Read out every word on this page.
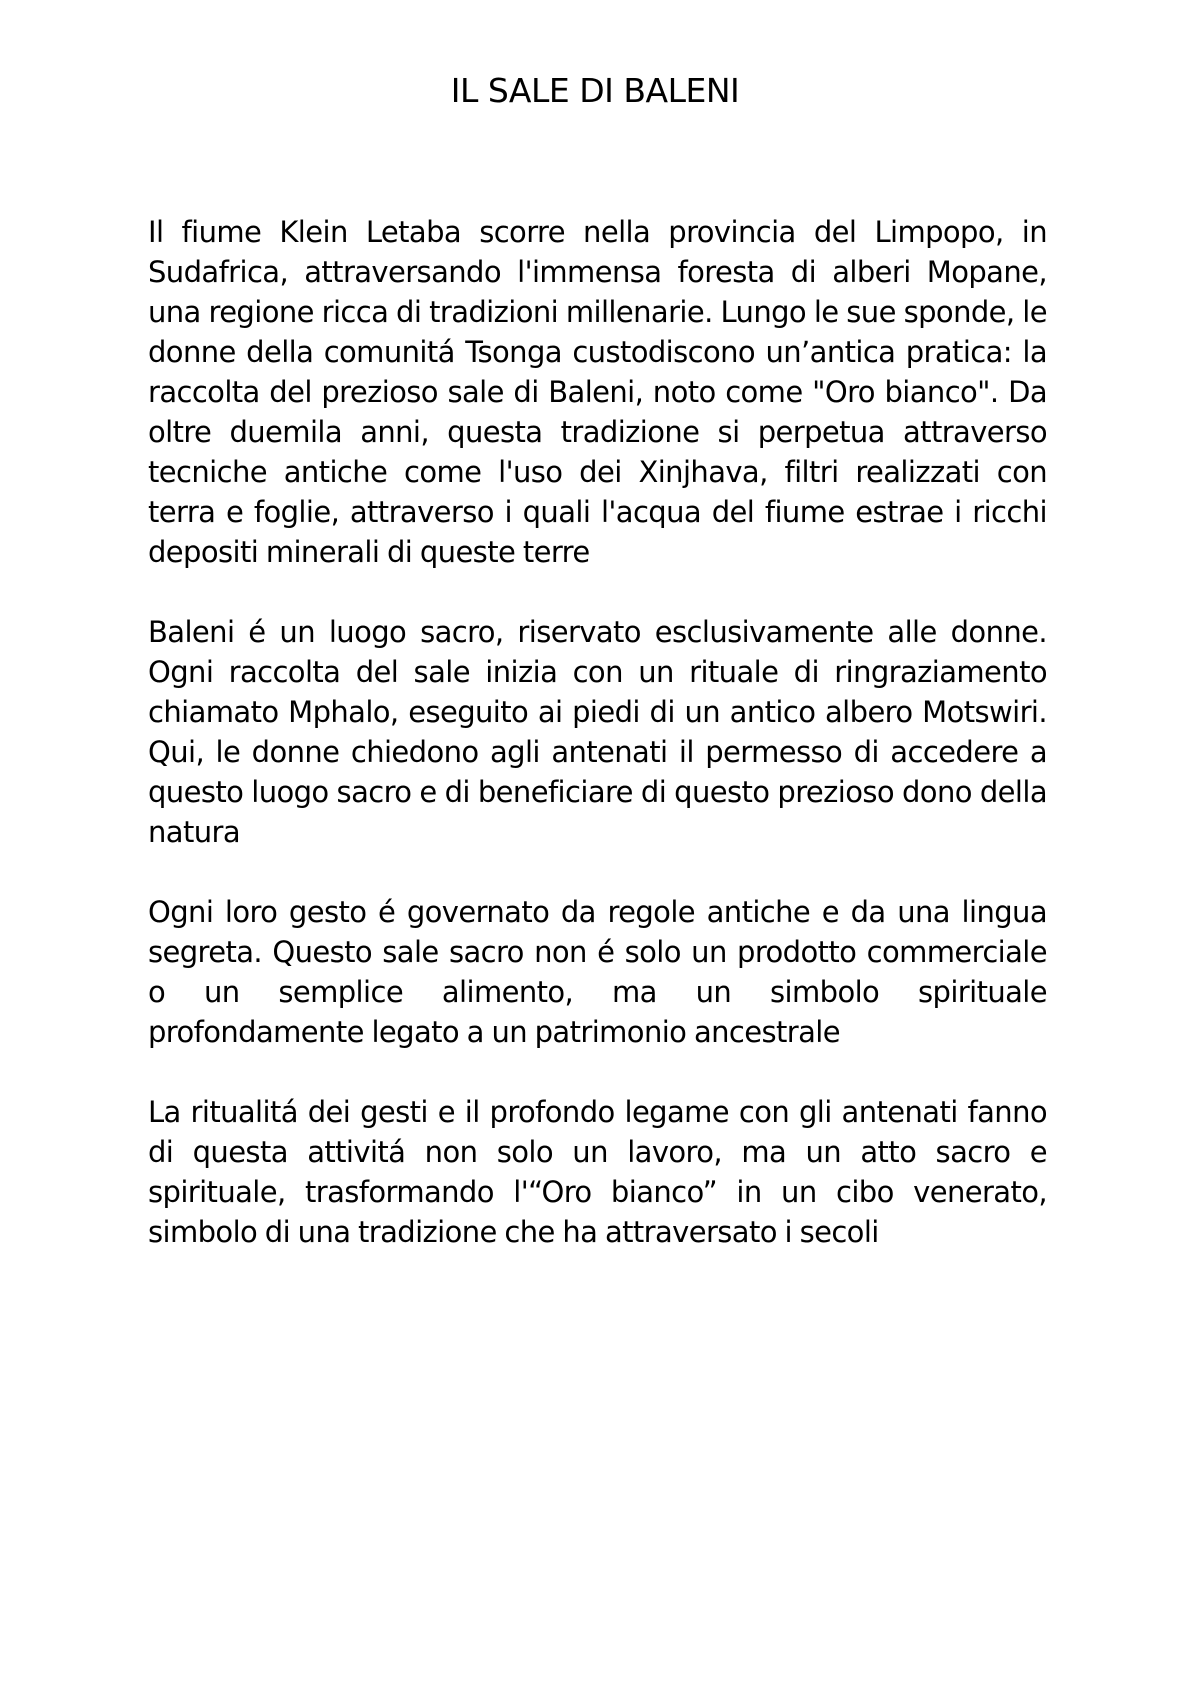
IL SALE DI BALENI

Il fiume Klein Letaba scorre nella provincia del Limpopo, in Sudafrica, attraversando l'immensa foresta di alberi Mopane, una regione ricca di tradizioni millenarie. Lungo le sue sponde, le donne della comunitá Tsonga custodiscono un’antica pratica: la raccolta del prezioso sale di Baleni, noto come "Oro bianco". Da oltre duemila anni, questa tradizione si perpetua attraverso tecniche antiche come l'uso dei Xinjhava, filtri realizzati con terra e foglie, attraverso i quali l'acqua del fiume estrae i ricchi depositi minerali di queste terre

Baleni é un luogo sacro, riservato esclusivamente alle donne. Ogni raccolta del sale inizia con un rituale di ringraziamento chiamato Mphalo, eseguito ai piedi di un antico albero Motswiri. Qui, le donne chiedono agli antenati il permesso di accedere a questo luogo sacro e di beneficiare di questo prezioso dono della natura

Ogni loro gesto é governato da regole antiche e da una lingua segreta. Questo sale sacro non é solo un prodotto commerciale o un semplice alimento, ma un simbolo spirituale profondamente legato a un patrimonio ancestrale

La ritualitá dei gesti e il profondo legame con gli antenati fanno di questa attivitá non solo un lavoro, ma un atto sacro e spirituale, trasformando l'“Oro bianco” in un cibo venerato, simbolo di una tradizione che ha attraversato i secoli
